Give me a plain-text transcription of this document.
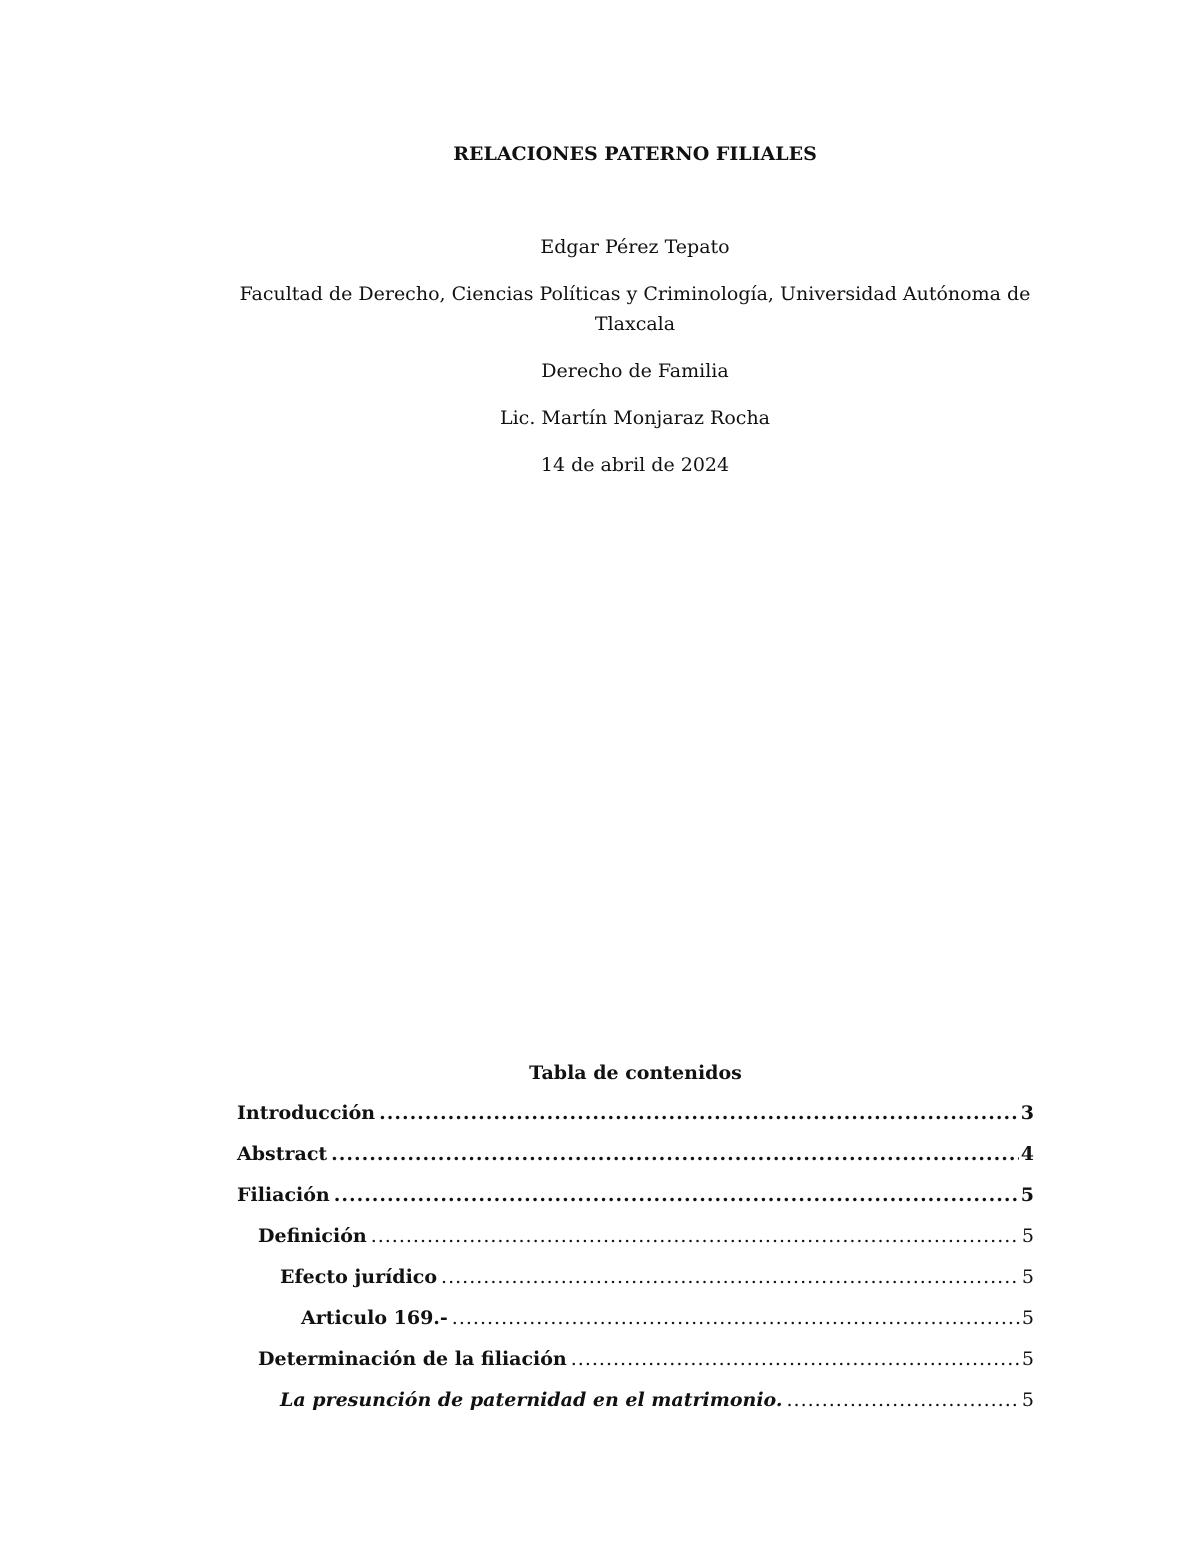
RELACIONES PATERNO FILIALES

Edgar Pérez Tepato

Facultad de Derecho, Ciencias Políticas y Criminología, Universidad Autónoma de

Tlaxcala

Derecho de Familia

Lic. Martín Monjaraz Rocha

14 de abril de 2024

Tabla de contenidos

Introducción .....	3
Abstract .....	4
Filiación .....	5
Definición .....	5
Efecto jurídico .....	5
Articulo 169.- .....	5
Determinación de la filiación .....	5
La presunción de paternidad en el matrimonio. .....	5
